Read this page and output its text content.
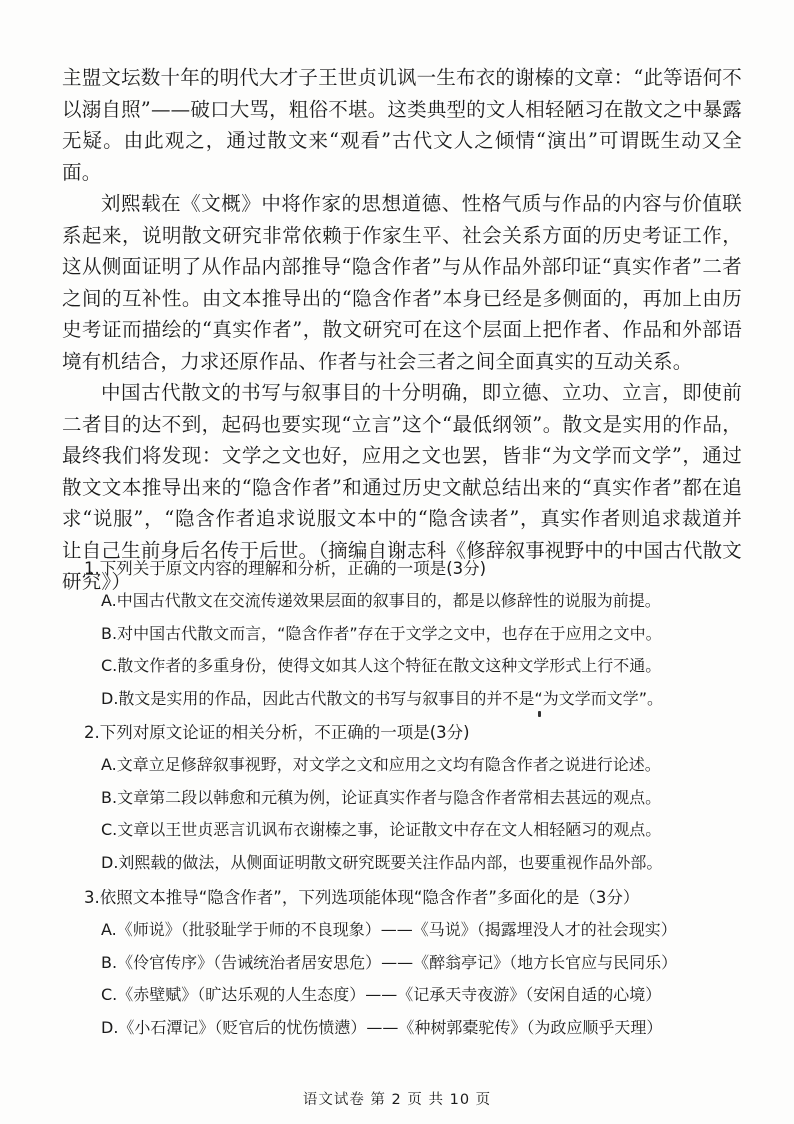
主盟文坛数十年的明代大才子王世贞讥讽一生布衣的谢榛的文章：“此等语何不以溺自照”——破口大骂，粗俗不堪。这类典型的文人相轻陋习在散文之中暴露无疑。由此观之，通过散文来“观看”古代文人之倾情“演出”可谓既生动又全面。

刘熙载在《文概》中将作家的思想道德、性格气质与作品的内容与价值联系起来，说明散文研究非常依赖于作家生平、社会关系方面的历史考证工作，这从侧面证明了从作品内部推导“隐含作者”与从作品外部印证“真实作者”二者之间的互补性。由文本推导出的“隐含作者”本身已经是多侧面的，再加上由历史考证而描绘的“真实作者”，散文研究可在这个层面上把作者、作品和外部语境有机结合，力求还原作品、作者与社会三者之间全面真实的互动关系。

中国古代散文的书写与叙事目的十分明确，即立德、立功、立言，即使前二者目的达不到，起码也要实现“立言”这个“最低纲领”。散文是实用的作品，最终我们将发现：文学之文也好，应用之文也罢，皆非“为文学而文学”，通过散文文本推导出来的“隐含作者”和通过历史文献总结出来的“真实作者”都在追求“说服”，“隐含作者追求说服文本中的“隐含读者”，真实作者则追求裁道并让自己生前身后名传于后世。（摘编自谢志科《修辞叙事视野中的中国古代散文研究》）

1.下列关于原文内容的理解和分析，正确的一项是(3分)
A.中国古代散文在交流传递效果层面的叙事目的，都是以修辞性的说服为前提。
B.对中国古代散文而言，“隐含作者”存在于文学之文中，也存在于应用之文中。
C.散文作者的多重身份，使得文如其人这个特征在散文这种文学形式上行不通。
D.散文是实用的作品，因此古代散文的书写与叙事目的并不是“为文学而文学”。
2.下列对原文论证的相关分析，不正确的一项是(3分)
A.文章立足修辞叙事视野，对文学之文和应用之文均有隐含作者之说进行论述。
B.文章第二段以韩愈和元稹为例，论证真实作者与隐含作者常相去甚远的观点。
C.文章以王世贞恶言讥讽布衣谢榛之事，论证散文中存在文人相轻陋习的观点。
D.刘熙载的做法，从侧面证明散文研究既要关注作品内部，也要重视作品外部。
3.依照文本推导“隐含作者”，下列选项能体现“隐含作者”多面化的是（3分）
A.《师说》（批驳耻学于师的不良现象）——《马说》（揭露埋没人才的社会现实）
B.《伶官传序》（告诫统治者居安思危）——《醉翁亭记》（地方长官应与民同乐）
C.《赤壁赋》（旷达乐观的人生态度）——《记承天寺夜游》（安闲自适的心境）
D.《小石潭记》（贬官后的忧伤愤懑）——《种树郭橐驼传》（为政应顺乎天理）
语文试卷 第 2 页 共 10 页
